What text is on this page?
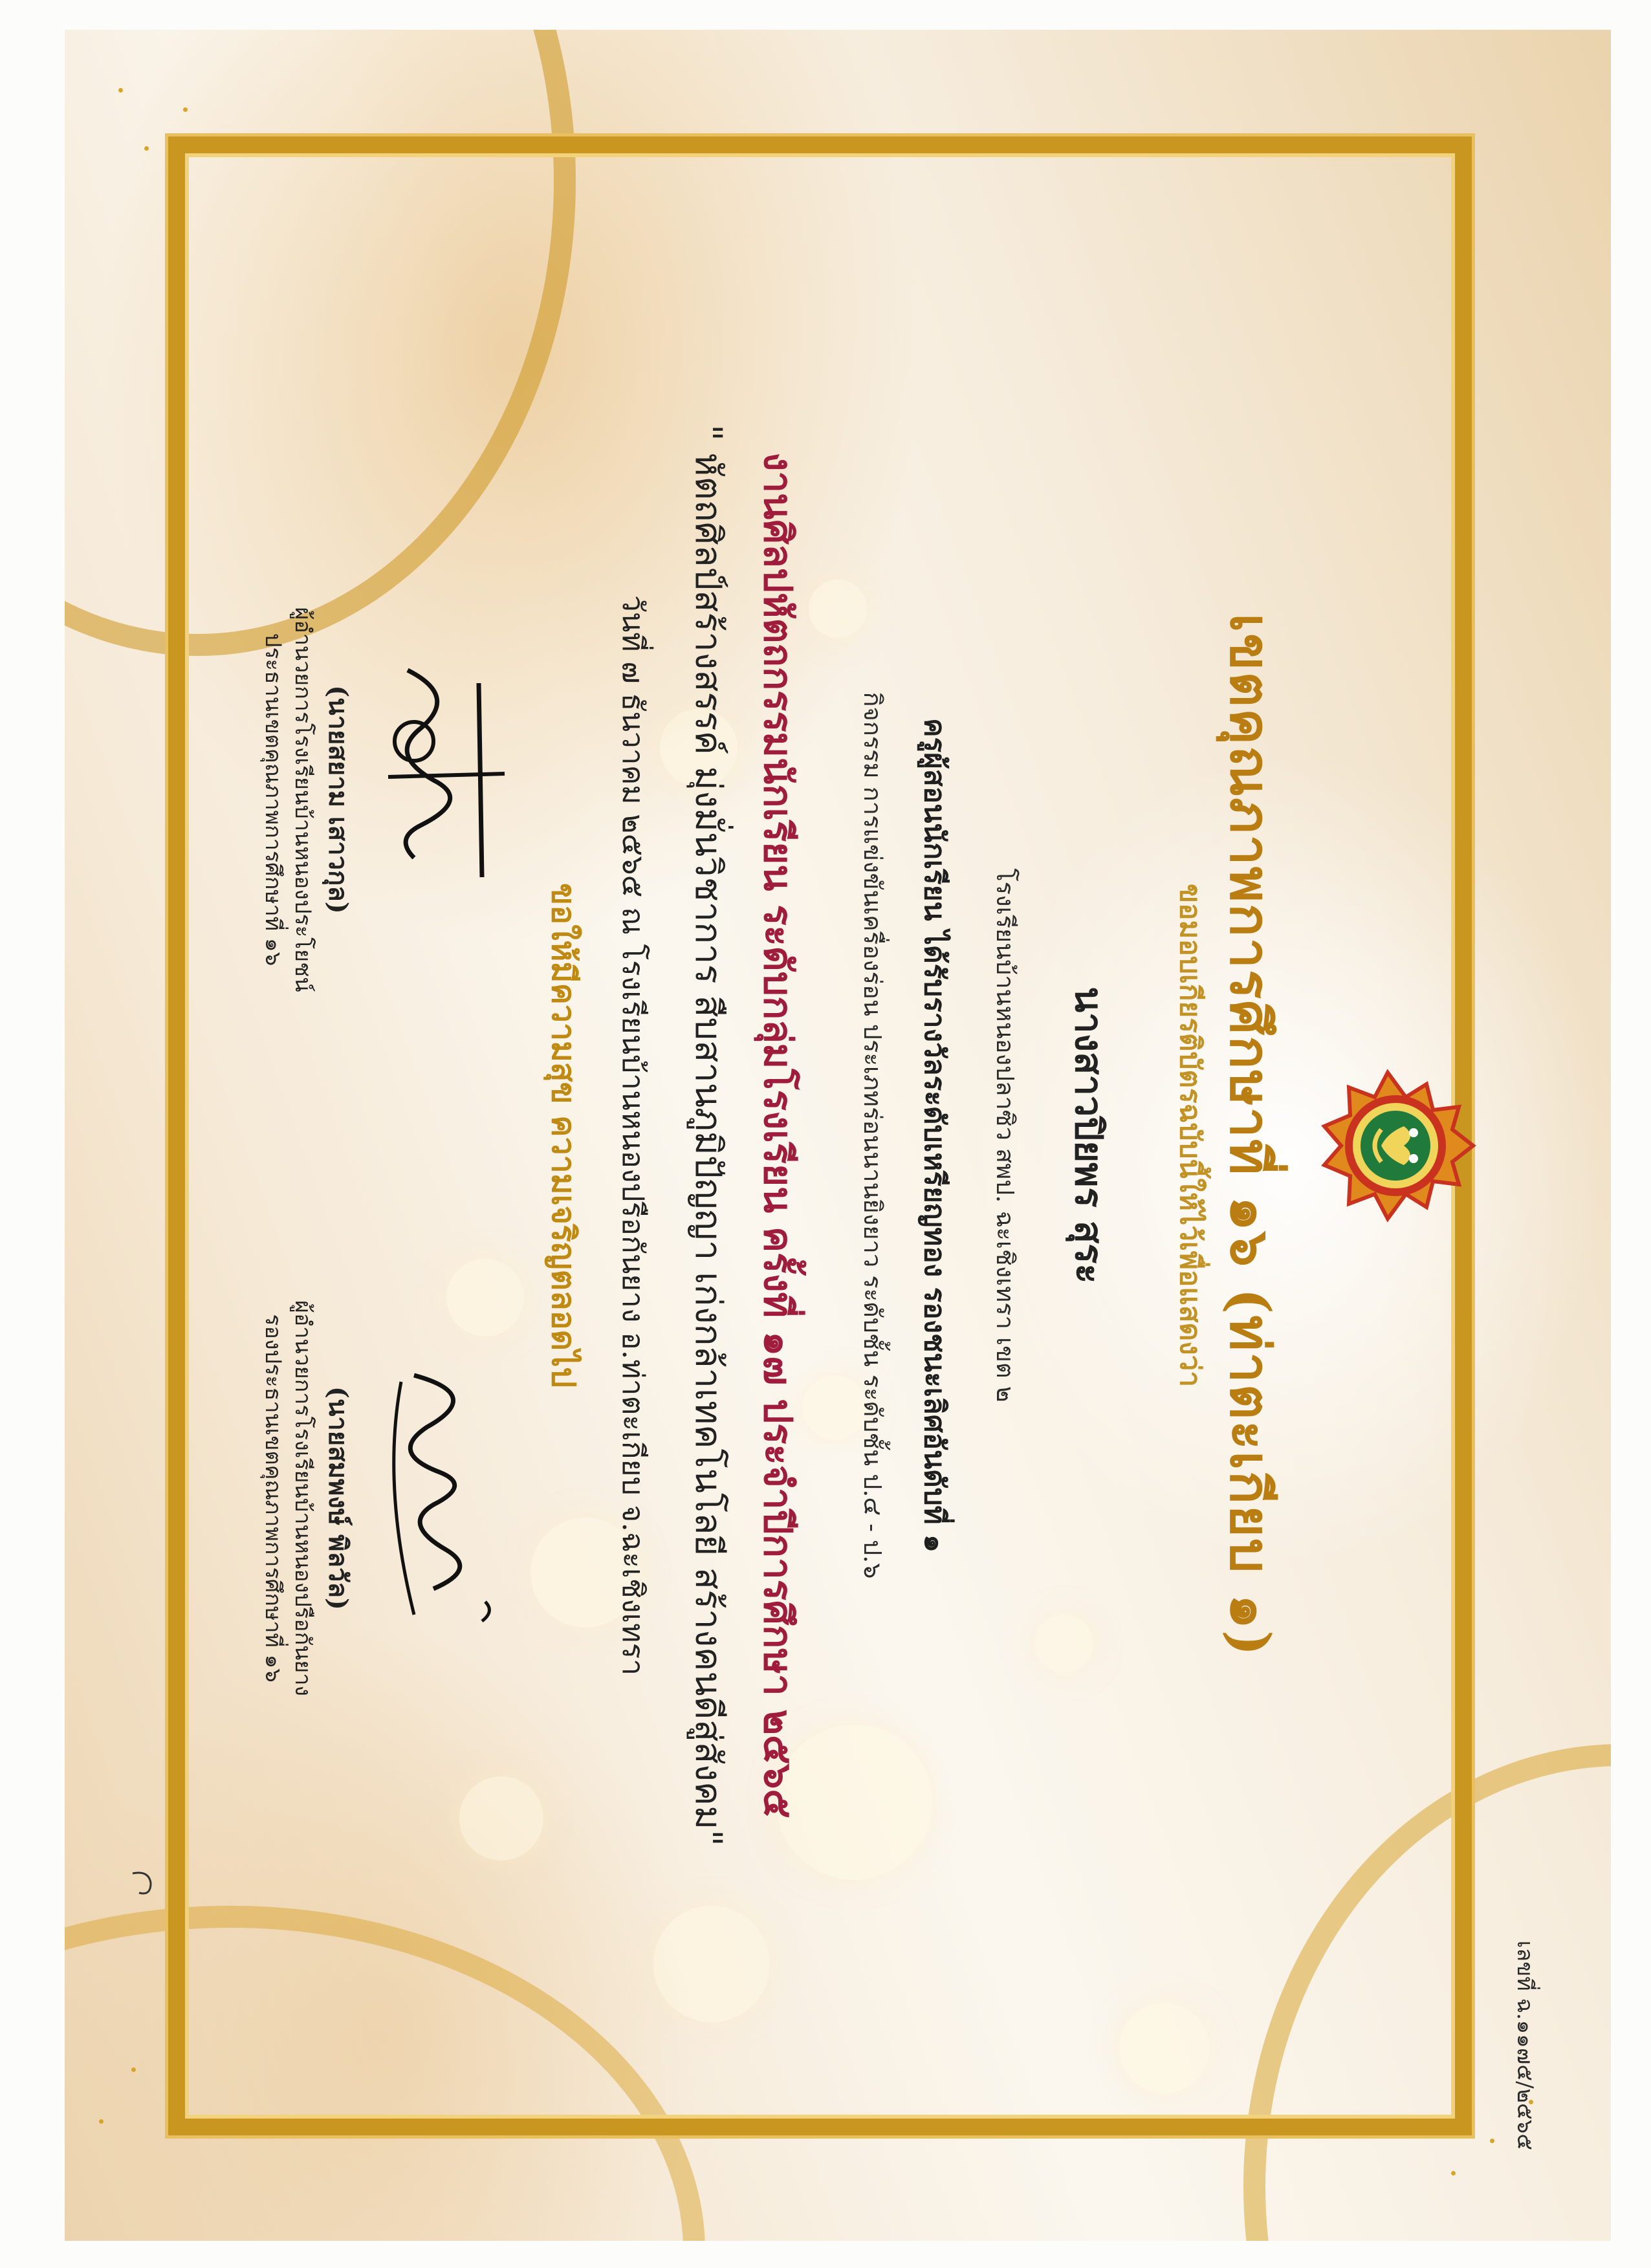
เลขที่ ฉ.๑๑๗๕/๒๕๖๕
เขตคุณภาพการศึกษาที่ ๑๖ (ท่าตะเกียบ ๑)
ขอมอบเกียรติบัตรฉบับนี้ให้ไว้เพื่อแสดงว่า
นางสาวปิยพร สุระ
โรงเรียนบ้านหนองปลาซิว สพป. ฉะเชิงเทรา เขต ๒
ครูผู้สอนนักเรียน ได้รับรางวัลระดับเหรียญทอง รองชนะเลิศอันดับที่ ๑
กิจกรรม การแข่งขันเครื่องร่อน ประเภทร่อนนานยิงยาว ระดับชั้น ระดับชั้น ป.๔ - ป.๖
งานศิลปหัตถกรรมนักเรียน ระดับกลุ่มโรงเรียน ครั้งที่ ๑๗ ประจำปีการศึกษา ๒๕๖๕
" หัตถศิลป์สร้างสรรค์ มุ่งมั่นวิชาการ สืบสานภูมิปัญญา เก่งกล้าเทคโนโลยี สร้างคนดีสู่สังคม"
วันที่ ๗ ธันวาคม ๒๕๖๕ ณ โรงเรียนบ้านหนองปรือกันยาง อ.ท่าตะเกียบ จ.ฉะเชิงเทรา
ขอให้มีความสุข ความเจริญตลอดไป
(นายสยาม เสาวกุล)
ผู้อำนวยการโรงเรียนบ้านหนองประโยชน์
ประธานเขตคุณภาพการศึกษาที่ ๑๖
(นายสมพงษ์ พิลวัล)
ผู้อำนวยการโรงเรียนบ้านหนองปรือกันยาง
รองประธานเขตคุณภาพการศึกษาที่ ๑๖
